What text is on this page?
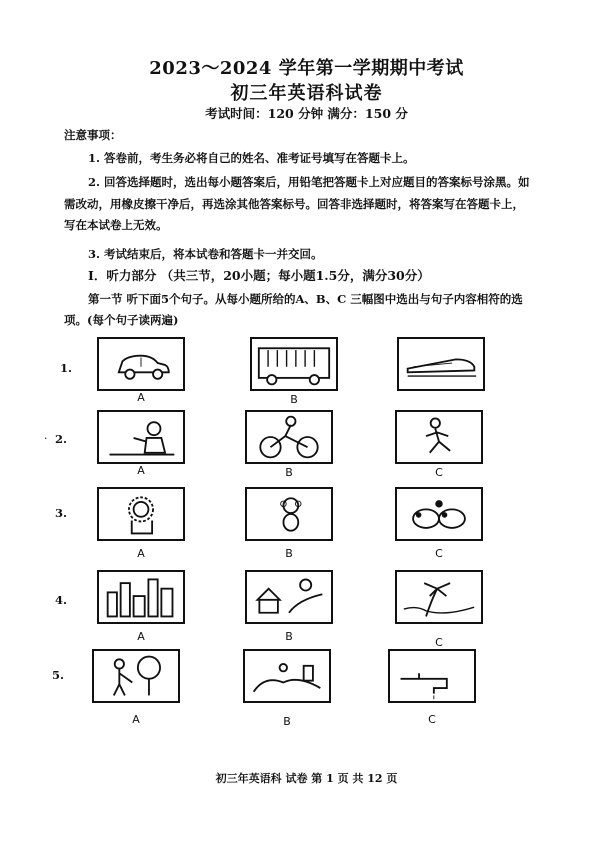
2023～2024 学年第一学期期中考试
初三年英语科试卷
考试时间：120 分钟 满分：150 分
注意事项：
1. 答卷前，考生务必将自己的姓名、准考证号填写在答题卡上。
2. 回答选择题时，选出每小题答案后，用铅笔把答题卡上对应题目的答案标号涂黑。如需改动，用橡皮擦干净后，再选涂其他答案标号。回答非选择题时，将答案写在答题卡上，写在本试卷上无效。
3. 考试结束后，将本试卷和答题卡一并交回。
Ⅰ．听力部分 （共三节，20小题；每小题1.5分，满分30分）
第一节 听下面5个句子。从每小题所给的A、B、C 三幅图中选出与句子内容相符的选项。(每个句子读两遍)
·
1.
A	B
2.
A	B	C
3.
A	B	C
4.
A	B	C
5.
A	B	C
初三年英语科 试卷 第 1 页 共 12 页
